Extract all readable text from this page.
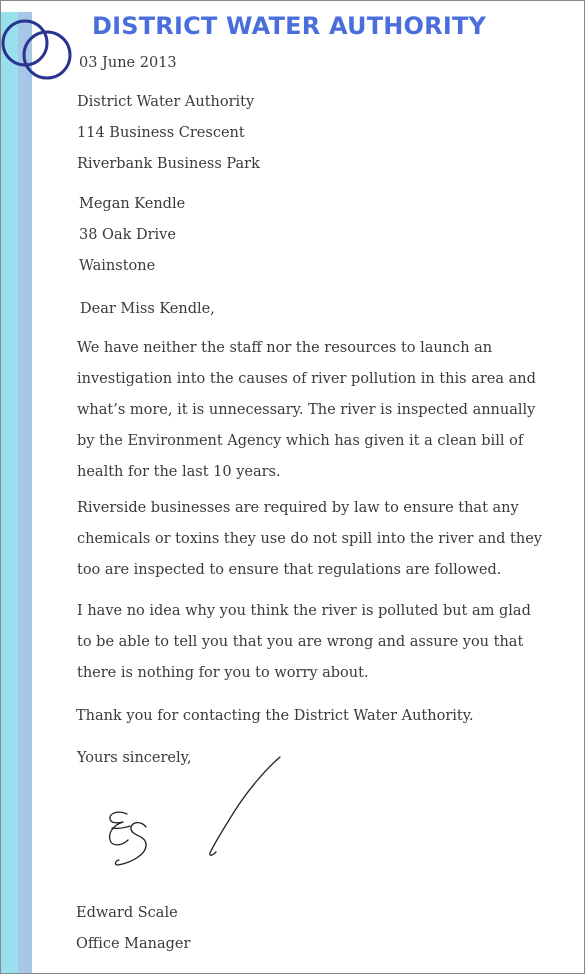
DISTRICT WATER AUTHORITY
03 June 2013
District Water Authority
114 Business Crescent
Riverbank Business Park
Megan Kendle
38 Oak Drive
Wainstone
Dear Miss Kendle,
We have neither the staff nor the resources to launch an
investigation into the causes of river pollution in this area and
what’s more, it is unnecessary. The river is inspected annually
by the Environment Agency which has given it a clean bill of
health for the last 10 years.
Riverside businesses are required by law to ensure that any
chemicals or toxins they use do not spill into the river and they
too are inspected to ensure that regulations are followed.
I have no idea why you think the river is polluted but am glad
to be able to tell you that you are wrong and assure you that
there is nothing for you to worry about.
Thank you for contacting the District Water Authority.
Yours sincerely,
Edward Scale
Office Manager
